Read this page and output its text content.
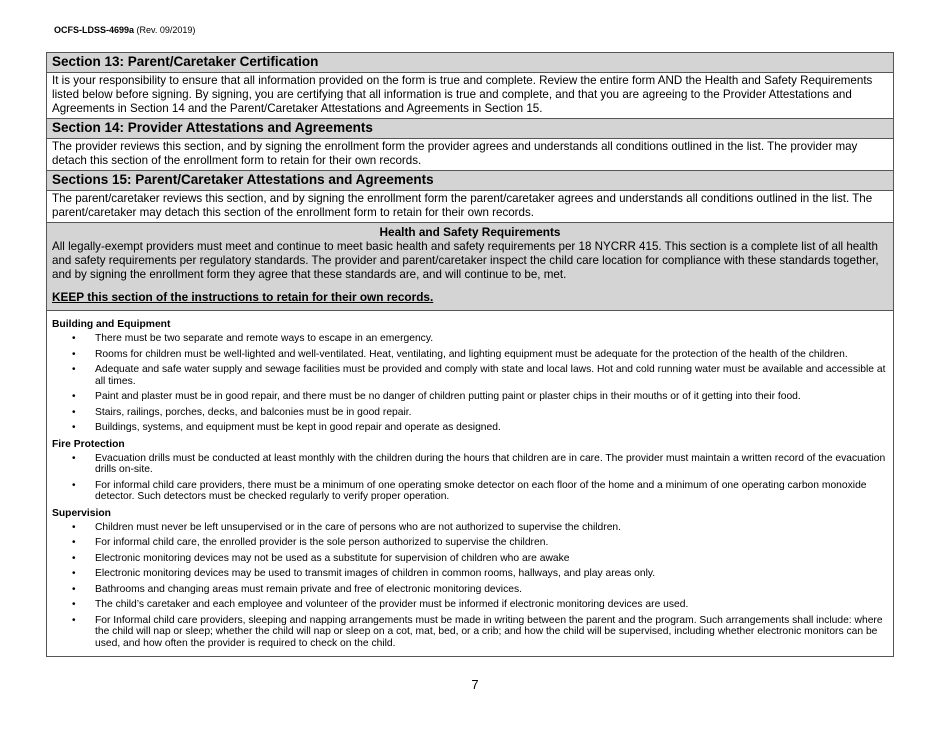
OCFS-LDSS-4699a (Rev. 09/2019)
Section 13: Parent/Caretaker Certification
It is your responsibility to ensure that all information provided on the form is true and complete. Review the entire form AND the Health and Safety Requirements listed below before signing. By signing, you are certifying that all information is true and complete, and that you are agreeing to the Provider Attestations and Agreements in Section 14 and the Parent/Caretaker Attestations and Agreements in Section 15.
Section 14: Provider Attestations and Agreements
The provider reviews this section, and by signing the enrollment form the provider agrees and understands all conditions outlined in the list. The provider may detach this section of the enrollment form to retain for their own records.
Sections 15: Parent/Caretaker Attestations and Agreements
The parent/caretaker reviews this section, and by signing the enrollment form the parent/caretaker agrees and understands all conditions outlined in the list. The parent/caretaker may detach this section of the enrollment form to retain for their own records.
Health and Safety Requirements
All legally-exempt providers must meet and continue to meet basic health and safety requirements per 18 NYCRR 415. This section is a complete list of all health and safety requirements per regulatory standards. The provider and parent/caretaker inspect the child care location for compliance with these standards together, and by signing the enrollment form they agree that these standards are, and will continue to be, met.
KEEP this section of the instructions to retain for their own records.
Building and Equipment
• There must be two separate and remote ways to escape in an emergency.
• Rooms for children must be well-lighted and well-ventilated. Heat, ventilating, and lighting equipment must be adequate for the protection of the health of the children.
• Adequate and safe water supply and sewage facilities must be provided and comply with state and local laws. Hot and cold running water must be available and accessible at all times.
• Paint and plaster must be in good repair, and there must be no danger of children putting paint or plaster chips in their mouths or of it getting into their food.
• Stairs, railings, porches, decks, and balconies must be in good repair.
• Buildings, systems, and equipment must be kept in good repair and operate as designed.
Fire Protection
• Evacuation drills must be conducted at least monthly with the children during the hours that children are in care. The provider must maintain a written record of the evacuation drills on-site.
• For informal child care providers, there must be a minimum of one operating smoke detector on each floor of the home and a minimum of one operating carbon monoxide detector. Such detectors must be checked regularly to verify proper operation.
Supervision
• Children must never be left unsupervised or in the care of persons who are not authorized to supervise the children.
• For informal child care, the enrolled provider is the sole person authorized to supervise the children.
• Electronic monitoring devices may not be used as a substitute for supervision of children who are awake
• Electronic monitoring devices may be used to transmit images of children in common rooms, hallways, and play areas only.
• Bathrooms and changing areas must remain private and free of electronic monitoring devices.
• The child’s caretaker and each employee and volunteer of the provider must be informed if electronic monitoring devices are used.
• For Informal child care providers, sleeping and napping arrangements must be made in writing between the parent and the program. Such arrangements shall include: where the child will nap or sleep; whether the child will nap or sleep on a cot, mat, bed, or a crib; and how the child will be supervised, including whether electronic monitors can be used, and how often the provider is required to check on the child.
7
